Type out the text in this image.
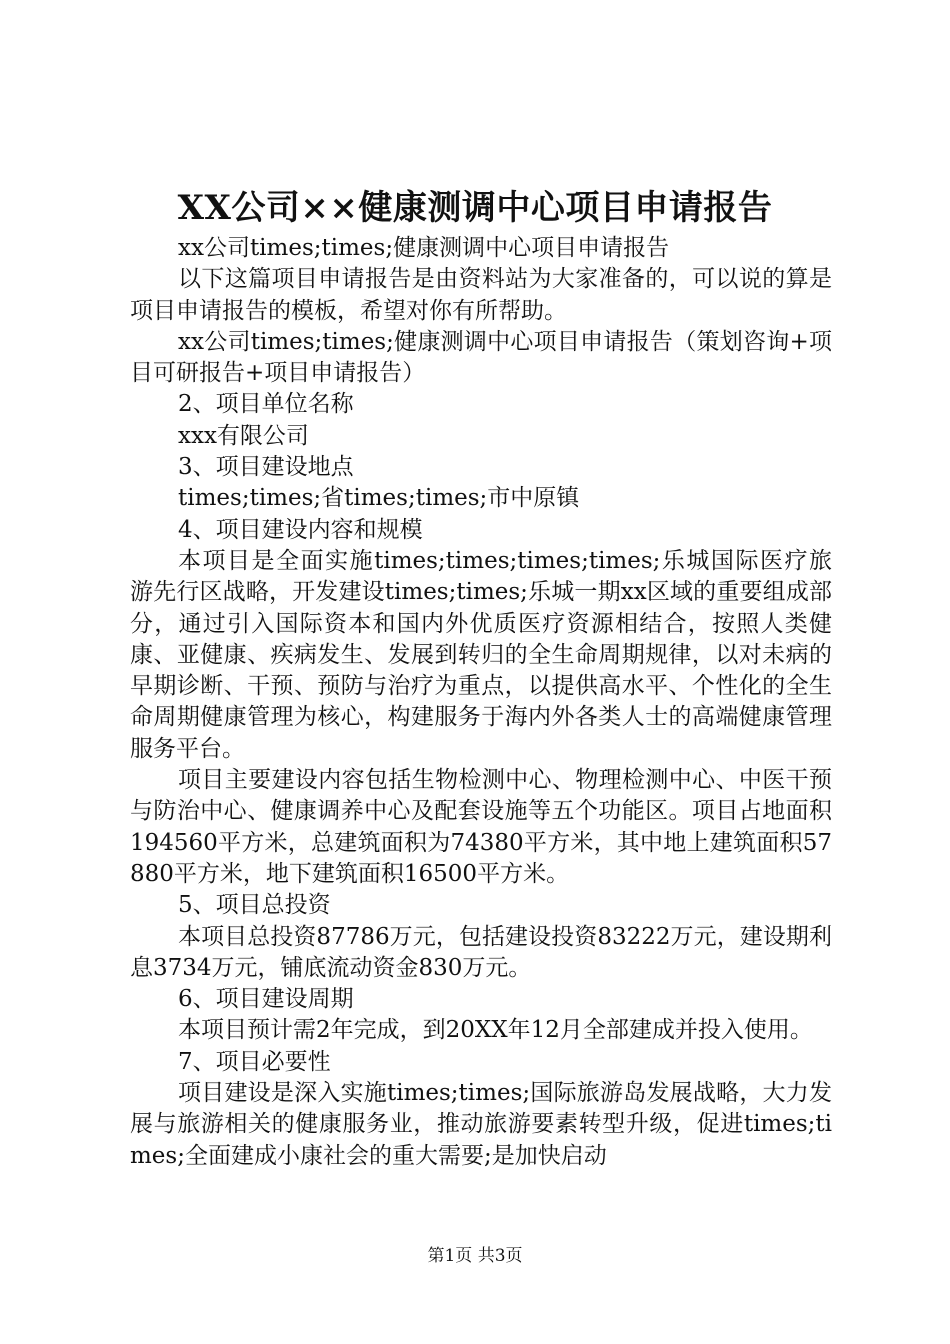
XX公司××健康测调中心项目申请报告

xx公司times;times;健康测调中心项目申请报告

以下这篇项目申请报告是由资料站为大家准备的，可以说的算是项目申请报告的模板，希望对你有所帮助。

xx公司times;times;健康测调中心项目申请报告（策划咨询+项目可研报告+项目申请报告）

2、项目单位名称

xxx有限公司

3、项目建设地点

times;times;省times;times;市中原镇

4、项目建设内容和规模

本项目是全面实施times;times;times;times;乐城国际医疗旅游先行区战略，开发建设times;times;乐城一期xx区域的重要组成部分，通过引入国际资本和国内外优质医疗资源相结合，按照人类健康、亚健康、疾病发生、发展到转归的全生命周期规律，以对未病的早期诊断、干预、预防与治疗为重点，以提供高水平、个性化的全生命周期健康管理为核心，构建服务于海内外各类人士的高端健康管理服务平台。

项目主要建设内容包括生物检测中心、物理检测中心、中医干预与防治中心、健康调养中心及配套设施等五个功能区。项目占地面积194560平方米，总建筑面积为74380平方米，其中地上建筑面积57880平方米，地下建筑面积16500平方米。

5、项目总投资

本项目总投资87786万元，包括建设投资83222万元，建设期利息3734万元，铺底流动资金830万元。

6、项目建设周期

本项目预计需2年完成，到20XX年12月全部建成并投入使用。

7、项目必要性

项目建设是深入实施times;times;国际旅游岛发展战略，大力发展与旅游相关的健康服务业，推动旅游要素转型升级，促进times;times;全面建成小康社会的重大需要;是加快启动

第1页 共3页
